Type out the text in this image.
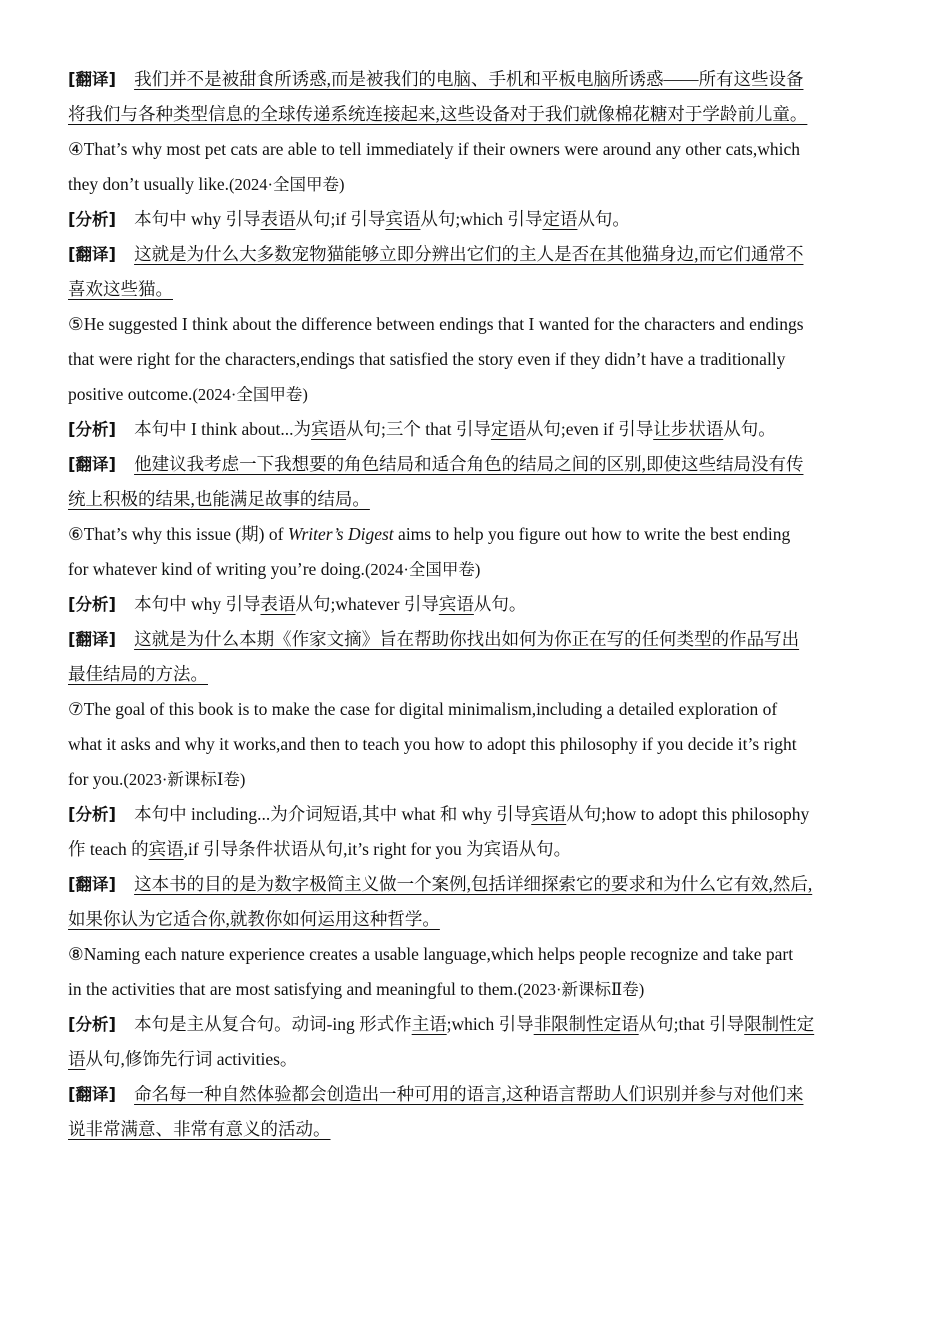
[翻译] 我们并不是被甜食所诱惑,而是被我们的电脑、手机和平板电脑所诱惑——所有这些设备
将我们与各种类型信息的全球传递系统连接起来,这些设备对于我们就像棉花糖对于学龄前儿童。
④That’s why most pet cats are able to tell immediately if their owners were around any other cats,which
they don’t usually like.(2024·全国甲卷)
[分析] 本句中 why 引导表语从句;if 引导宾语从句;which 引导定语从句。
[翻译] 这就是为什么大多数宠物猫能够立即分辨出它们的主人是否在其他猫身边,而它们通常不
喜欢这些猫。
⑤He suggested I think about the difference between endings that I wanted for the characters and endings
that were right for the characters,endings that satisfied the story even if they didn’t have a traditionally
positive outcome.(2024·全国甲卷)
[分析] 本句中 I think about...为宾语从句;三个 that 引导定语从句;even if 引导让步状语从句。
[翻译] 他建议我考虑一下我想要的角色结局和适合角色的结局之间的区别,即使这些结局没有传
统上积极的结果,也能满足故事的结局。
⑥That’s why this issue (期) of Writer’s Digest aims to help you figure out how to write the best ending
for whatever kind of writing you’re doing.(2024·全国甲卷)
[分析] 本句中 why 引导表语从句;whatever 引导宾语从句。
[翻译] 这就是为什么本期《作家文摘》旨在帮助你找出如何为你正在写的任何类型的作品写出
最佳结局的方法。
⑦The goal of this book is to make the case for digital minimalism,including a detailed exploration of
what it asks and why it works,and then to teach you how to adopt this philosophy if you decide it’s right
for you.(2023·新课标Ⅰ卷)
[分析] 本句中 including...为介词短语,其中 what 和 why 引导宾语从句;how to adopt this philosophy
作 teach 的宾语,if 引导条件状语从句,it’s right for you 为宾语从句。
[翻译] 这本书的目的是为数字极简主义做一个案例,包括详细探索它的要求和为什么它有效,然后,
如果你认为它适合你,就教你如何运用这种哲学。
⑧Naming each nature experience creates a usable language,which helps people recognize and take part
in the activities that are most satisfying and meaningful to them.(2023·新课标Ⅱ卷)
[分析] 本句是主从复合句。动词-ing 形式作主语;which 引导非限制性定语从句;that 引导限制性定
语从句,修饰先行词 activities。
[翻译] 命名每一种自然体验都会创造出一种可用的语言,这种语言帮助人们识别并参与对他们来
说非常满意、非常有意义的活动。
